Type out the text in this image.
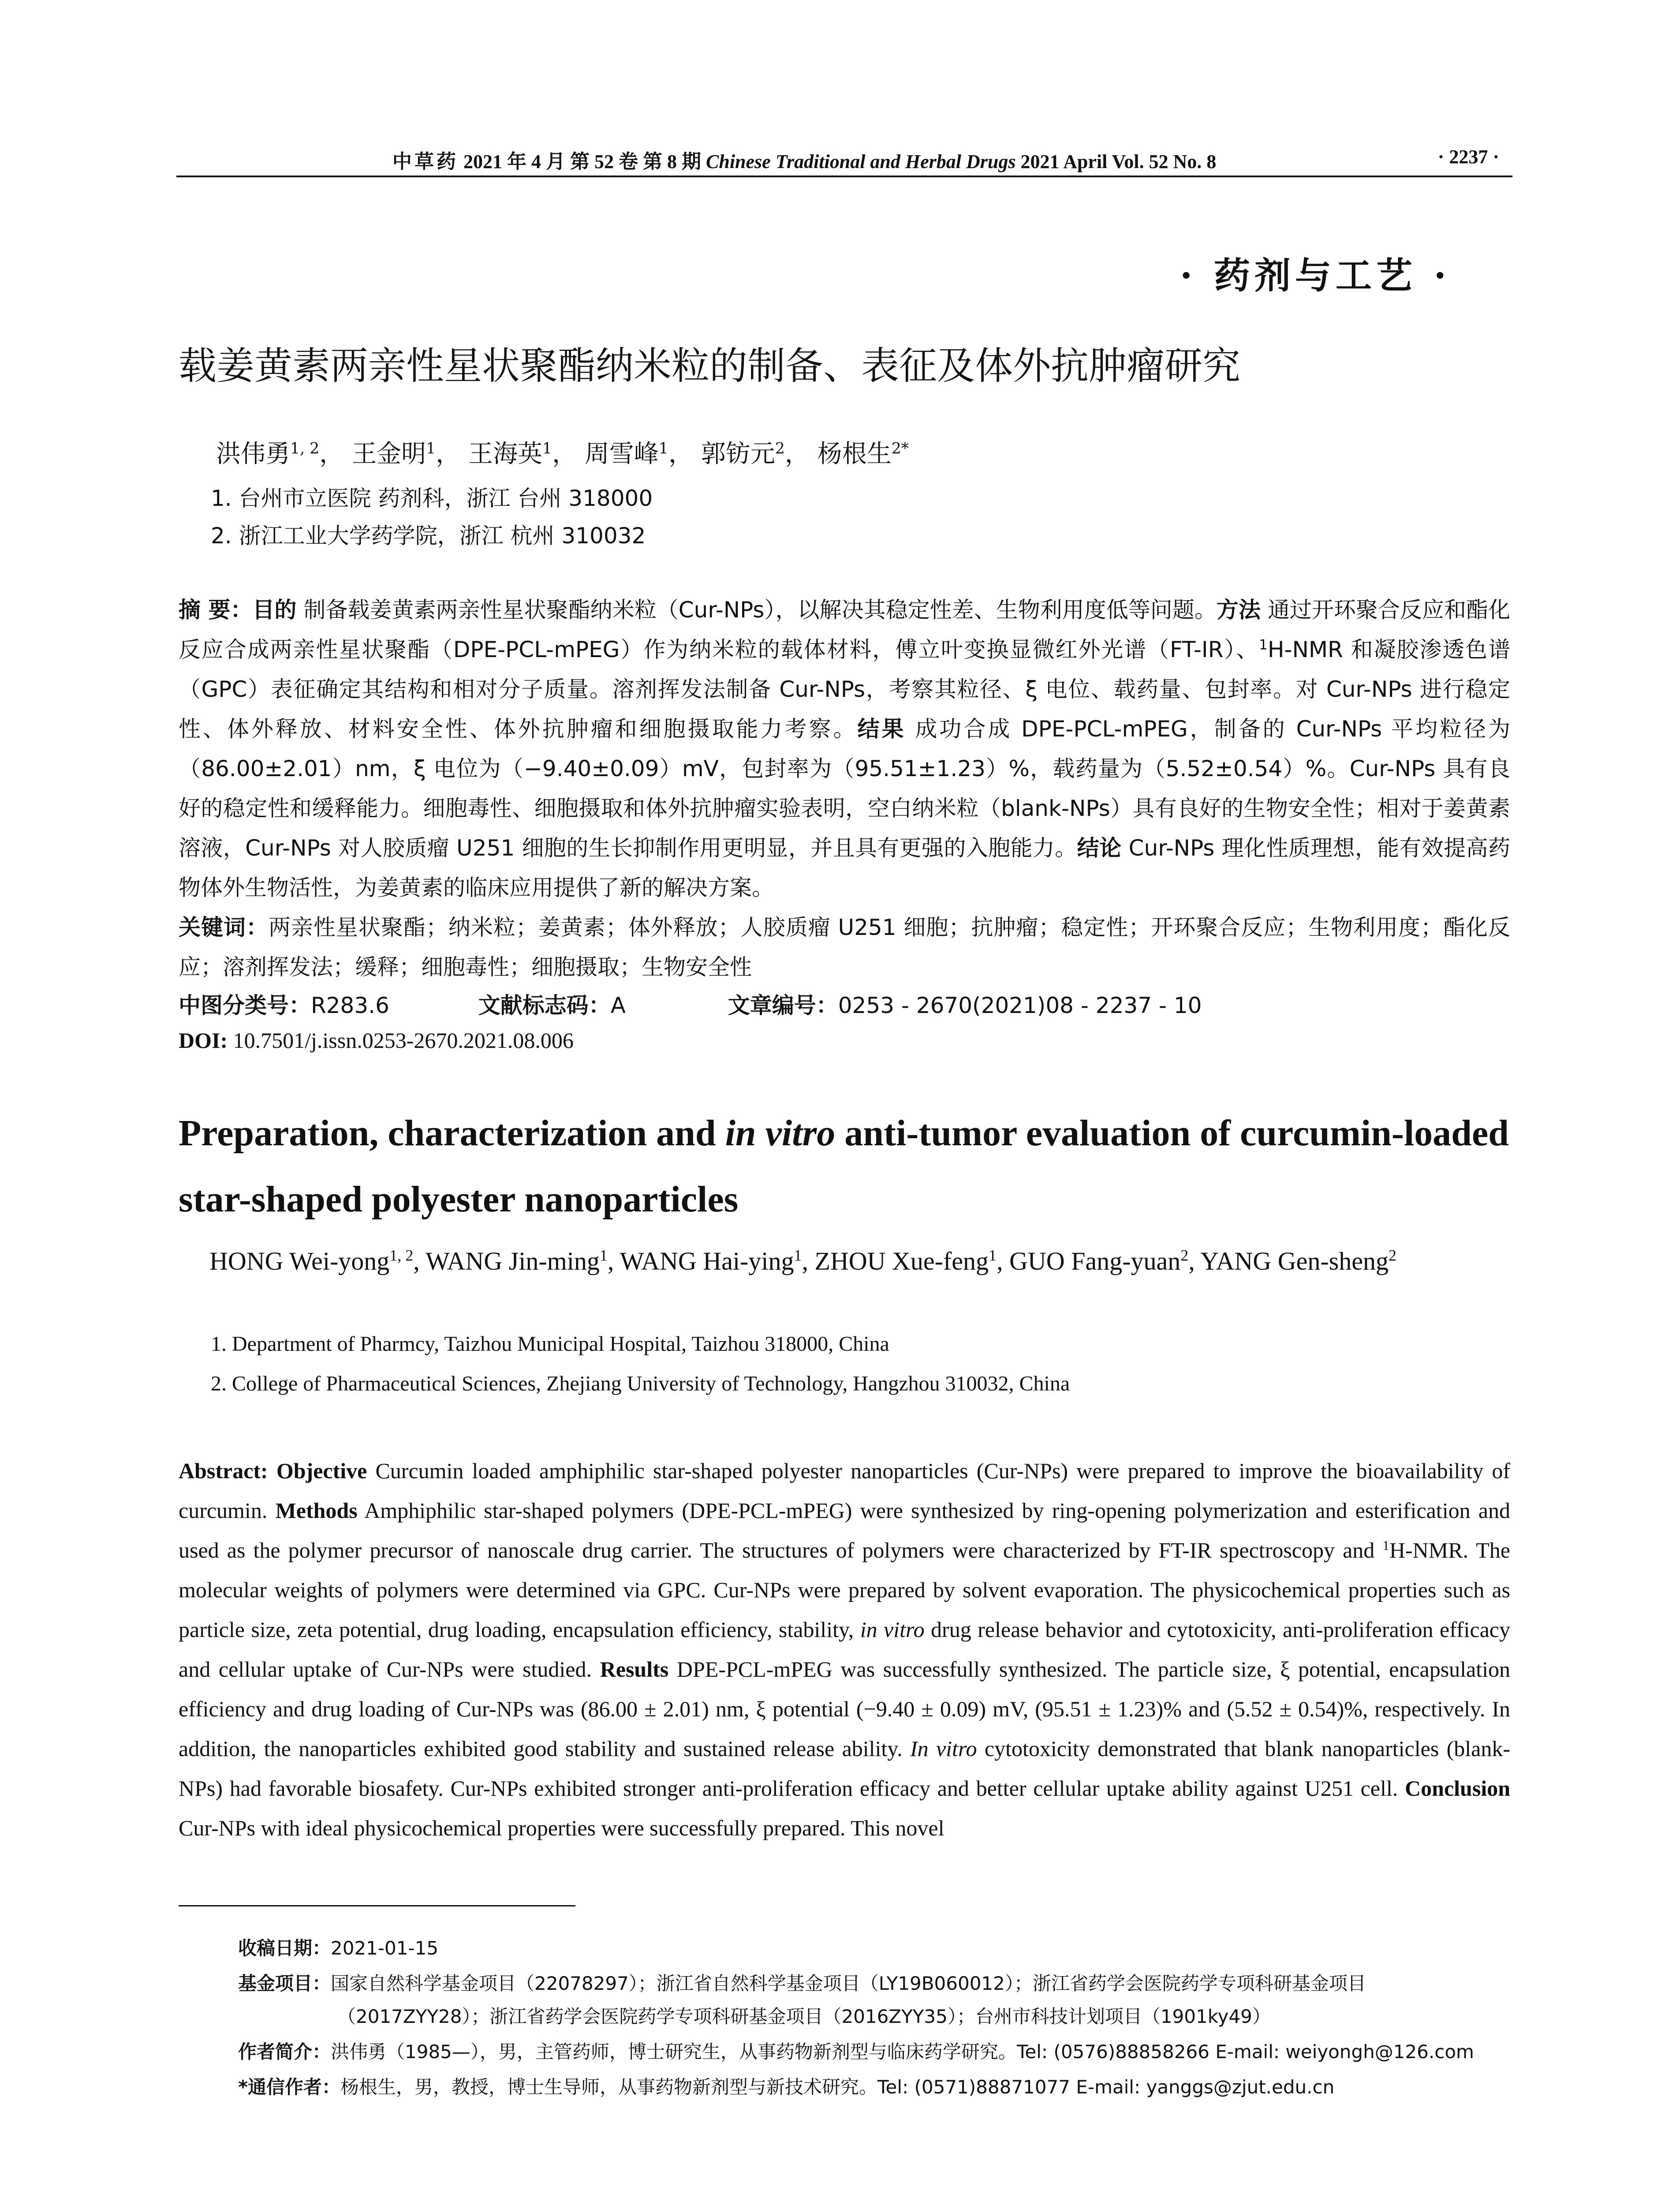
中草药 2021 年 4 月 第 52 卷 第 8 期 Chinese Traditional and Herbal Drugs 2021 April Vol. 52 No. 8	· 2237 ·
· 药剂与工艺 ·
载姜黄素两亲性星状聚酯纳米粒的制备、表征及体外抗肿瘤研究
洪伟勇$^{1, 2}$， 王金明$^1$， 王海英$^1$， 周雪峰$^1$， 郭钫元$^2$， 杨根生$^{2*}$
1. 台州市立医院 药剂科，浙江 台州 318000
2. 浙江工业大学药学院，浙江 杭州 310032
摘 要：目的 制备载姜黄素两亲性星状聚酯纳米粒（Cur-NPs），以解决其稳定性差、生物利用度低等问题。方法 通过开环聚合反应和酯化反应合成两亲性星状聚酯（DPE-PCL-mPEG）作为纳米粒的载体材料，傅立叶变换显微红外光谱（FT-IR）、$^1$H-NMR 和凝胶渗透色谱（GPC）表征确定其结构和相对分子质量。溶剂挥发法制备 Cur-NPs，考察其粒径、ξ 电位、载药量、包封率。对 Cur-NPs 进行稳定性、体外释放、材料安全性、体外抗肿瘤和细胞摄取能力考察。结果 成功合成 DPE-PCL-mPEG，制备的 Cur-NPs 平均粒径为（86.00±2.01）nm，ξ 电位为（−9.40±0.09）mV，包封率为（95.51±1.23）%，载药量为（5.52±0.54）%。Cur-NPs 具有良好的稳定性和缓释能力。细胞毒性、细胞摄取和体外抗肿瘤实验表明，空白纳米粒（blank-NPs）具有良好的生物安全性；相对于姜黄素溶液，Cur-NPs 对人胶质瘤 U251 细胞的生长抑制作用更明显，并且具有更强的入胞能力。结论 Cur-NPs 理化性质理想，能有效提高药物体外生物活性，为姜黄素的临床应用提供了新的解决方案。
关键词：两亲性星状聚酯；纳米粒；姜黄素；体外释放；人胶质瘤 U251 细胞；抗肿瘤；稳定性；开环聚合反应；生物利用度；酯化反应；溶剂挥发法；缓释；细胞毒性；细胞摄取；生物安全性
中图分类号：R283.6	文献标志码：A	文章编号：0253 - 2670(2021)08 - 2237 - 10
DOI: 10.7501/j.issn.0253-2670.2021.08.006
Preparation, characterization and in vitro anti-tumor evaluation of curcumin-loaded star-shaped polyester nanoparticles
HONG Wei-yong$^{1, 2}$, WANG Jin-ming$^1$, WANG Hai-ying$^1$, ZHOU Xue-feng$^1$, GUO Fang-yuan$^2$, YANG Gen-sheng$^2$
1. Department of Pharmcy, Taizhou Municipal Hospital, Taizhou 318000, China
2. College of Pharmaceutical Sciences, Zhejiang University of Technology, Hangzhou 310032, China
Abstract: Objective Curcumin loaded amphiphilic star-shaped polyester nanoparticles (Cur-NPs) were prepared to improve the bioavailability of curcumin. Methods Amphiphilic star-shaped polymers (DPE-PCL-mPEG) were synthesized by ring-opening polymerization and esterification and used as the polymer precursor of nanoscale drug carrier. The structures of polymers were characterized by FT-IR spectroscopy and $^1$H-NMR. The molecular weights of polymers were determined via GPC. Cur-NPs were prepared by solvent evaporation. The physicochemical properties such as particle size, zeta potential, drug loading, encapsulation efficiency, stability, in vitro drug release behavior and cytotoxicity, anti-proliferation efficacy and cellular uptake of Cur-NPs were studied. Results DPE-PCL-mPEG was successfully synthesized. The particle size, ξ potential, encapsulation efficiency and drug loading of Cur-NPs was (86.00 ± 2.01) nm, ξ potential (−9.40 ± 0.09) mV, (95.51 ± 1.23)% and (5.52 ± 0.54)%, respectively. In addition, the nanoparticles exhibited good stability and sustained release ability. In vitro cytotoxicity demonstrated that blank nanoparticles (blank-NPs) had favorable biosafety. Cur-NPs exhibited stronger anti-proliferation efficacy and better cellular uptake ability against U251 cell. Conclusion Cur-NPs with ideal physicochemical properties were successfully prepared. This novel
收稿日期：2021-01-15
基金项目：国家自然科学基金项目（22078297）；浙江省自然科学基金项目（LY19B060012）；浙江省药学会医院药学专项科研基金项目
（2017ZYY28）；浙江省药学会医院药学专项科研基金项目（2016ZYY35）；台州市科技计划项目（1901ky49）
作者简介：洪伟勇（1985—），男，主管药师，博士研究生，从事药物新剂型与临床药学研究。Tel: (0576)88858266 E-mail: weiyongh@126.com
*通信作者：杨根生，男，教授，博士生导师，从事药物新剂型与新技术研究。Tel: (0571)88871077 E-mail: yanggs@zjut.edu.cn
